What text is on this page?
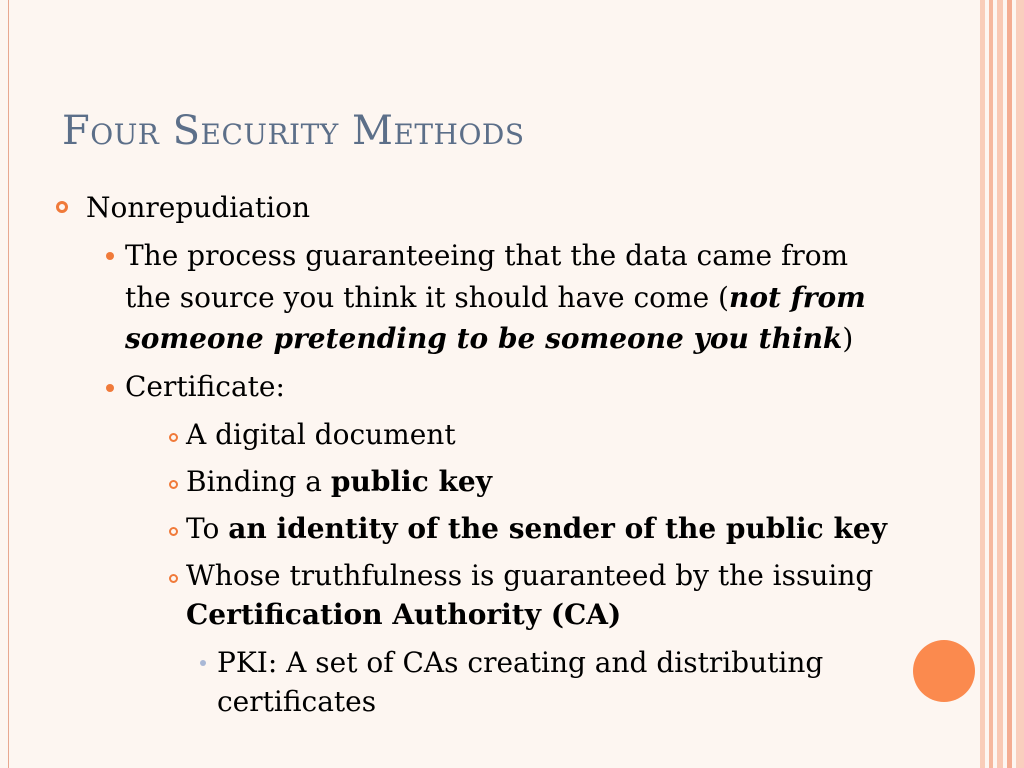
Four Security Methods
Nonrepudiation
The process guaranteeing that the data came from
the source you think it should have come (not from
someone pretending to be someone you think)
Certificate:
A digital document
Binding a public key
To an identity of the sender of the public key
Whose truthfulness is guaranteed by the issuing
Certification Authority (CA)
PKI: A set of CAs creating and distributing
certificates
